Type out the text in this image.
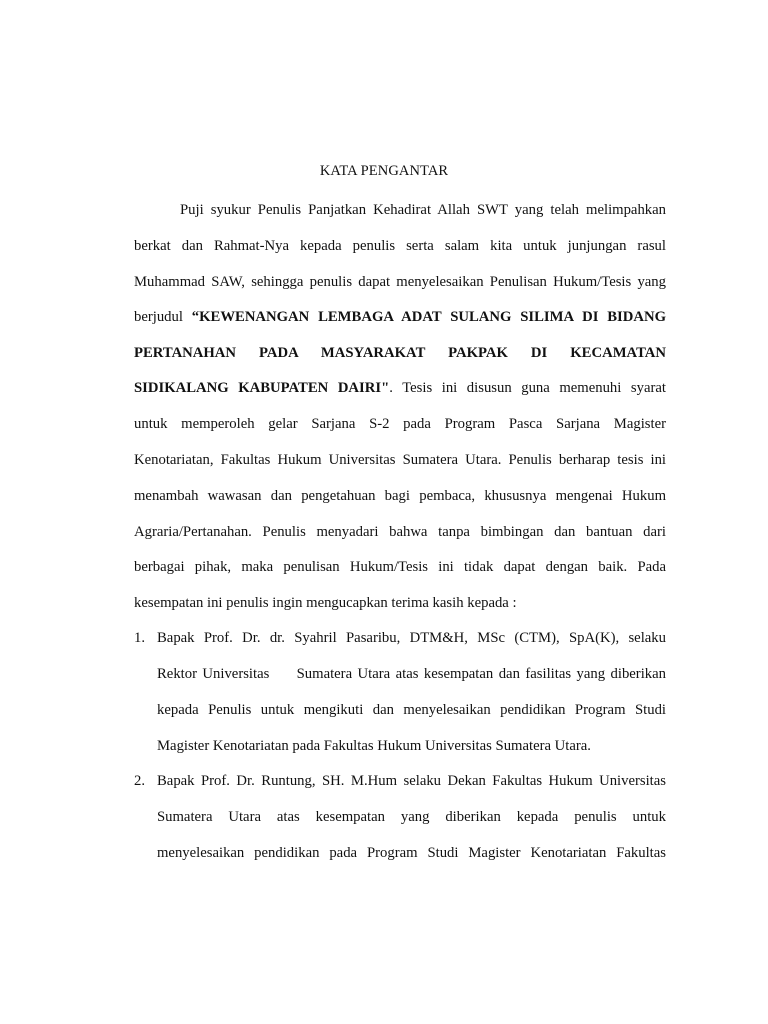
KATA PENGANTAR
Puji syukur Penulis Panjatkan Kehadirat Allah SWT yang telah melimpahkan
berkat dan Rahmat-Nya kepada penulis serta salam kita untuk junjungan rasul
Muhammad SAW, sehingga penulis dapat menyelesaikan Penulisan Hukum/Tesis yang
berjudul “KEWENANGAN LEMBAGA ADAT SULANG SILIMA DI BIDANG
PERTANAHAN PADA MASYARAKAT PAKPAK DI KECAMATAN
SIDIKALANG KABUPATEN DAIRI". Tesis ini disusun guna memenuhi syarat
untuk memperoleh gelar Sarjana S-2 pada Program Pasca Sarjana Magister
Kenotariatan, Fakultas Hukum Universitas Sumatera Utara. Penulis berharap tesis ini
menambah wawasan dan pengetahuan bagi pembaca, khususnya mengenai Hukum
Agraria/Pertanahan. Penulis menyadari bahwa tanpa bimbingan dan bantuan dari
berbagai pihak, maka penulisan Hukum/Tesis ini tidak dapat dengan baik. Pada
kesempatan ini penulis ingin mengucapkan terima kasih kepada :
1. Bapak Prof. Dr. dr. Syahril Pasaribu, DTM&H, MSc (CTM), SpA(K), selaku
Rektor Universitas     Sumatera Utara atas kesempatan dan fasilitas yang diberikan
kepada Penulis untuk mengikuti dan menyelesaikan pendidikan Program Studi
Magister Kenotariatan pada Fakultas Hukum Universitas Sumatera Utara.
2. Bapak Prof. Dr. Runtung, SH. M.Hum selaku Dekan Fakultas Hukum Universitas
Sumatera Utara atas kesempatan yang diberikan kepada penulis untuk
menyelesaikan pendidikan pada Program Studi Magister Kenotariatan Fakultas
